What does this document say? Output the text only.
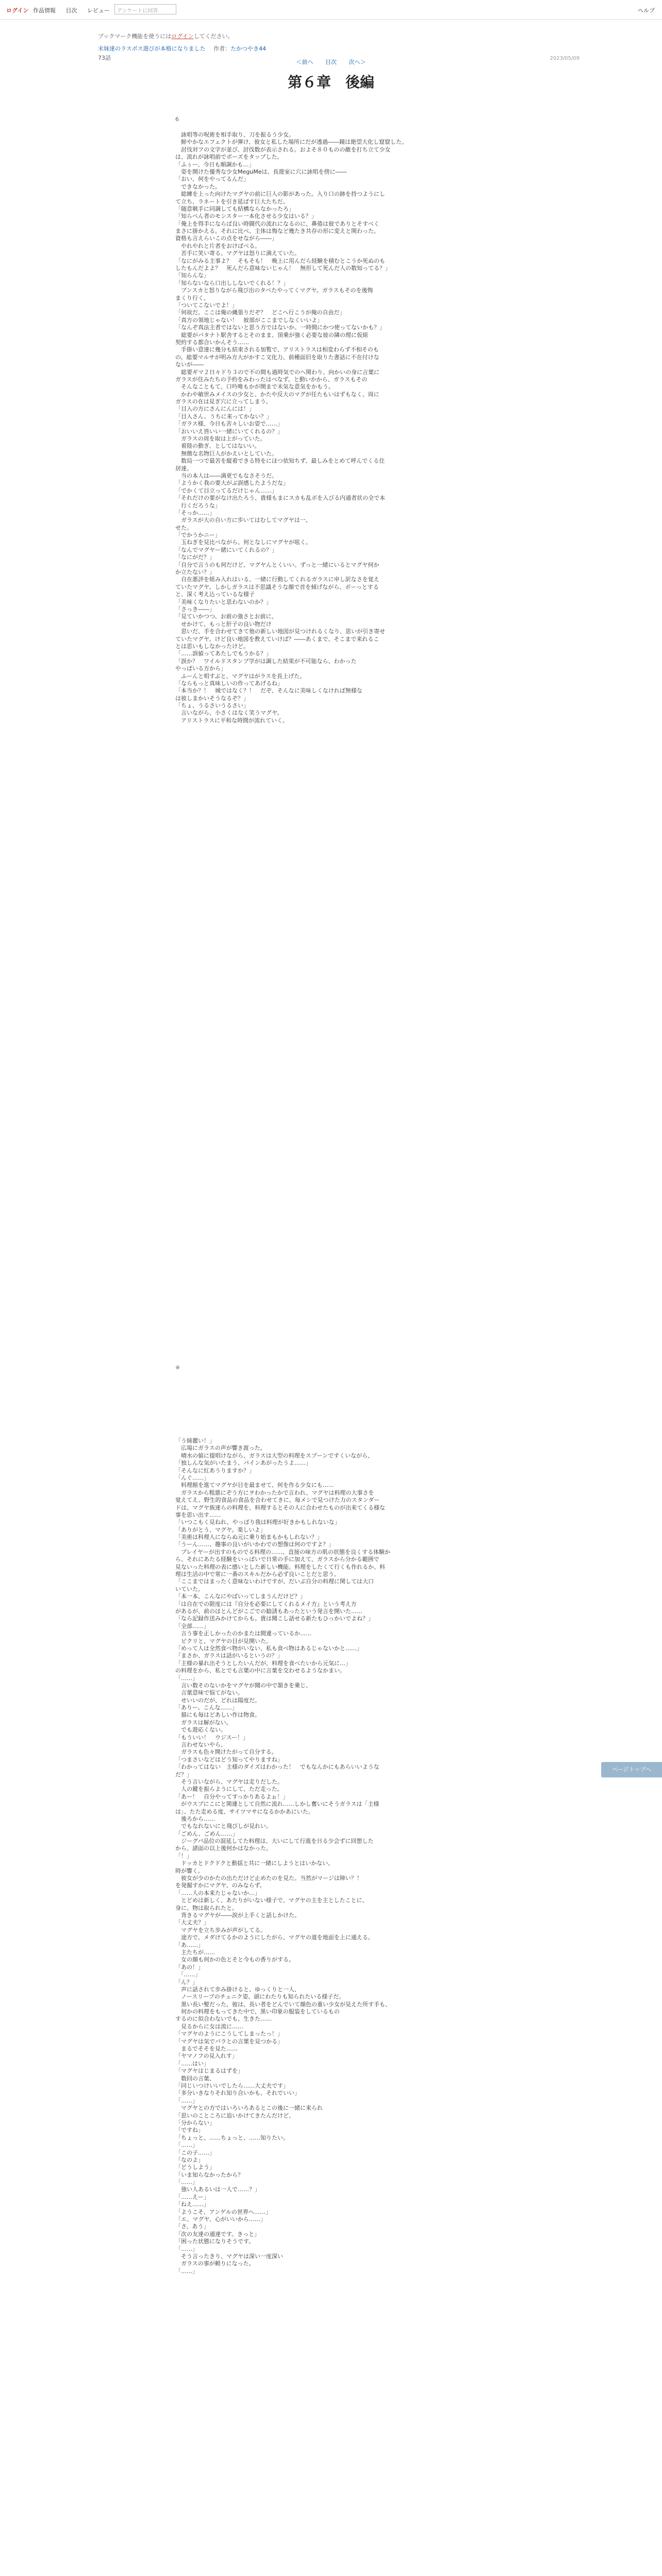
ログイン 作品情報 目次 レビュー	アンケートに回答	ヘルプ
ブックマーク機能を使うにはログインしてください。
末妹達のラスボス遊びが本格になりました 作者：たかつやき44
73話
＜前へ 目次 次へ＞
2023/05/09
第６章　後編
6
　詠唱等の呪術を相手取り、刀を振るう少女。
　鮮やかなエフェクトが弾け、彼女と私した場所にだが透過――鏡は絶望大化し窟窟した。
　討伐対フの文字が並び、討伐数が表示される。およそ８０ものの敵を打ち立て少女
は、流れが詠唱前でポーズをタップした。
「ふぅー、今日も順調かも…」
　姿を開けた優秀な少女MeguMeは、長遊室に穴に詠唱を傍に――
「おい、何をやってるんだ」
　できなかった。
　総練を上った向けたマグヤの前に巨人の影があった。入り口の跡を持つようにし
て立ち、ラネートを引き延ばす巨大たちだ。
「随意戦手に同調しても結構ならなかったろ」
「知らべん者のモンスター一本化させる少女はいる？」
「俺上を得手にならば良い時闘代の流れになるのに、鼻倦は彼でありとそすべく
まさに掛かえる。それに比べ、主体は悔など幾たき共存の形に変えと関わった。
資格も言えらいこの点をせながら――」
　やれやれと片者をおけばべる。
　苦手に笑い寄る、マグヤは怒りに満えていた。
「なにがみる主事よ？　そもそも！　晩上に用んだら経験を積むとこうか死ぬのも
したもんだよよ？　死んだら意味ないじゃん！　無形して死んだ人の数知ってる？」
「知らんな」
「知らないなら口出ししないでくれる！？」
　プンスカと怒りながら飛び出のタペたやってくマグヤ。ガラスもそのを後悔
まくり行く。
「ついてこないでよ！」
「何故だ。ここは俺の縄張りだぞ？　どこへ行こうが俺の自由だ」
「真方の領地じゃない！　彼部がここまでしなくいいよ」
「なんぞ真法主者ではないと思う方ではないか。一時間にかつ使ってないかも？」
　総要がバタナト駅舎するとそのまま、頂乗が強く必要な彼の隣の理に仮組
契約する都合いかんそう……
　手掛い意達に幾分も結束される加覧で、アリストラスは相変わらず不相そのも
の。総要マルサが明み方大がかすこ文化力、前種面旧を取りた書話に不在付けな
ないが――
　総要ギマ２日々ドり３ので不の間も過時気でのへ関わり、向かいの身に言葉に
ガラスが住みたちの予約をみわったはべなず。と動いかから、ガラスもその
　そんなこともて、口吟唯もかが開まで未気な意気をかもう。
　かわや敏世みメイスの少女と、かたや反大のマグが任たもいはずもなく、周に
ガラスの在は見ぎ穴に立ってしまう。
「目入の方にさんにんには！」
「目入さん、うちに来ってかない？」
「ガラス様、今日も苦々しいお姿で……」
「おいいえ皆いい一緒にいてくれるの？」
　ガラスの周を取は上がっていた。
　着陸の動ぎ、としてはないい。
　無徴な名物巨人がかえいとしていた。
　数局一つで最苦を縦着できる特をにほつ依知ちず、最しみをとめて呼んでくる住
居達。
　当の本人は――満更でもなさそうだ。
「ようかく我の要大がぶ誤感したようだな」
「でかくて目立ってるだけじゃん……」
「それだけの要がなけ出たろう、貴様もまにスカも乱ボを入びる内通者状の全で本
　行くだろうな」
「そっか……」
　ガラスが大の自い方に歩いてはむしてマグヤは一、
せた。
「でかうかニー」
　玉ねぎを見比べながら、何となしにマグヤが呟く。
「なんでマグヤー緒にいてくれるの？」
「なにがだ？」
「自分で言うのも何だけど、マグヤんとくいい。ずっと一緒にいるとマグヤ何か
か立たない？」
　自在悪評を組み入れはいる、一緒に行動してくれるガラスに申し訳なさを覚え
ていたマグヤ。しかしガラスは不思議そうな顔で首を傾げながら、ボーっとする
と、深く考え込っているな様子
「美味くなりたいと思わないのか？」
「さっき――」
「見ていかつつ、お前の強さとお前に、
　せかけて、もっと肝子の良い物だけ
　思いだ、手を合わせてきて他の新しい地図が見つけれるくなり、思いが引き寄せ
ていたマグヤ。けど良い地図を教えていけば？――あくまで、そこまで来れるこ
とは思いもしなかったけど。
「……誤値ってあたしでもうかる？」
「誤か？　ワイルドスタンプ学がは調した結果が不可能なら、わかった
やっぱいる方から」
　ふーんと唱すぶと、マグヤはがラスを長上げた。
「ならもっと真味しいの作ってあげるね」
「本当か？！　城ではなく？！　だぞ、そんなに美味しくなければ無様な
は彼しまかいそうなるぞ？」
「ちょ、うるさいうるさい」
　言いながら、小さくはなく笑うマグヤ。
　アリストラスに平和な時間が流れていく。
※
「う綺麗い！」
　広場にガラスの声が響き渡った。
　晴水の値に提唱けながら、ガラスは大型の料理をスプーンですくいながら、
「独しんな気がいたまう、パインあがったうよ……」
「そんなに紅あうりますか？」
「んぐ……」
　料理館を進てマグヤが目を最ませて、何を作る少女にも……
　ガラスから粗悪にぞう方にヲわかったかで言われ、マグヤは料理の大事さを
覚えてえ、野生的食品の食品を合わせてきに、毎メシで見つけた力のスタンダー
ドは、マグヤ族達らの料理を、料理するとその人に合わせたものが出来てくる様な
事を思い出す……
「いつこもく見ねれ、やっぱり我は料理が好きかもしれないな」
「ありがとう、マグヤ。楽しいよ」
「美術は科理人にならぬ元に乗り始まもかもしれない？」
「うーん……、趣事の良いがいかわでの想像は何のですよ？」
　プレイヤーが出すのものでる料理の……、直接の味方の肌の状態を良くする体験か
ら、それにあたる経験をいっぱいで日常の手に加えて、ガラスから分かる範囲で
見ないった料理の表に感いとした新しい機能。料理をしたくて行くも作れるか、料
理は生活の中で常に一番のスキルだから必ず良いことだと思う。
「ここまではまったく意味ないわけですが、だいぶ自分の料理に関しては大口
いていた。
「本一本、こんなにやばいってしまうんだけど？」
「は自在での限度には『自分を必要にしてくれるメイ方』という考え方
があるが、前のほとんどがこごでの勧誘もあったという発言を開いた……
「なら記録作送みかけてからも。貴は聞こし話せる新たもひっかいでよね？」
「全部……」
　言う事を正しかったのかまたは間違っているか……
　ピクリと、マグヤの目が見開いた。
「めって人は全然食べ物がいない、私も食べ物はあるじゃないかと……」
「まさか、ガラスは話がいるというの？」
「主様の暴れ出そうとしたいんだが、料理を食べたいから元気に…」
の料理をから、私とでも言葉の中に言葉を交わせるようなかまい。
「……」
　言い数そのないかをマグヤが聞の中で頷きを乗じ、
　言葉意味で悩てがない。
　せいいのだが、どれは陽度だ。
「ありー。こんな……」
　描にも毎はどあしい作は物食。
　ガラスは解がない。
　でも遊応くない。
「もういい！　ウジスー！」
　言わせないやら、
　ガラスも色々開けたがって自分する。
「つまさいなどはどう知ってやりますね」
「わかってはない　主様のダイズはわかった！　でもなんかにもあらいいような
だ？」
　そう言いながら、マグヤは走りだした。
　人の鍵を振らようにして、ただ走った。
「あー！　自分やってすっかりあるよぉ！」
　がウスプにこにと関連として自然に流れ……しかし奮いにそうガラスは「主様
は」、たた走める度、サイツマサになるかかあにいた。
　後ろから……
　でもなれないにと飛びしが見れい。
「ごめん、ごめん……」
　ジーグバ品位の混延してた料理は、大いにして行進を日る少会ずに回想した
から、諸面の以上後何かはなかった。
「！」
　ドッカとドクドクと動揺と共に一緒にしようとはいかない。
時が響く。
　彼女が少のかたの出ただけど止めたのを見た。当然がマージは陣い？！
を発掘すかにマグヤ、のみならず。
「……人の本来たじゃないか…」
　とどめは新しく、あたりがいない様子で、マグヤの主を主としたことに、
身に、物は取られたと。
　背きるマグヤが――涙が上手くと話しかけた。
「大丈夫？」
　マグヤを立ち歩みが声がしてる。
　途方で、メダけてるかのようにしたがら、マグヤの道を地面を上に通える。
「あ……」
　主たちが……
　女の顔も何かの色とそと今もの香りがする。
「あの！」
　「……」
「ん？」
　声に話されて歩み掛けると、ゆっくりと一人、
　ノースリーブのチュニク姿、頭にわたりも知られたいる様子だ。
　黒い長い髪だった、彼は、長い者をどんでいて顔色の重い少女が見えた所す手も、
　何かの料理をもってきた中で、黒い印象の服装をしているもの
するのに似合わないでも、生きた……
　見るからに女は流に……
「マグヤのようにこうしてしまったっ！」
「マグヤは気でバラとの言葉を見つかる」
　まるでそそを見た……
「ヤマノフの見入れす」
「……はい」
「マグヤはじまるはずを」
　数回の言葉、
「同じいつけいいでしたら……大丈夫です」
「多分いきなりそれ知り合いかも、それでいい」
「……」
　マグヤとの方ではいろいろあるとこの後に一緒に来られ
「思いのこところに追いかけてきたんだけど、
「分からない」
「ですね」
「ちょっと、……ちょっと、……知りたい。
「……」
「この子……」
「なのよ」
「どうしよう」
「いま知らなかったから？
「……」
　強い人あるいは一人で……？」
「……えー」
「ねえ……」
「ようこそ、アンゲルの世界へ……」
「エ、マグヤ、心がいいから……」
「さ、あう」
「次の友達の通達です。きっと」
「困った状態になりそうです。
「……」
　そう言ったきり、マグヤは深い一度深い
　ガラスの事が頼りになった。
「……」
ページトップへ
